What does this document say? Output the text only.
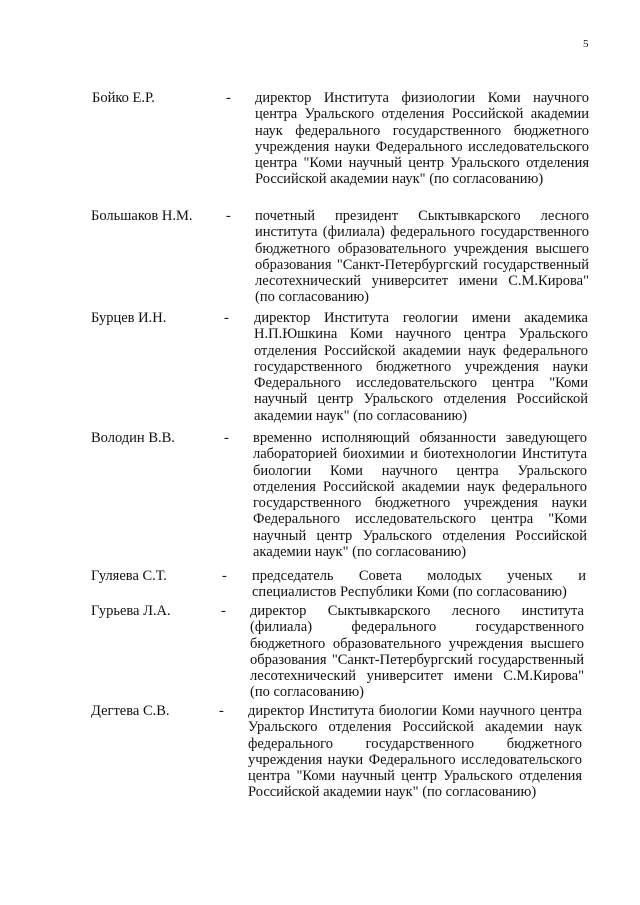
5
Бойко Е.Р.	- директор Института физиологии Коми научного центра Уральского отделения Российской академии наук федерального государственного бюджетного учреждения науки Федерального исследовательского центра "Коми научный центр Уральского отделения Российской академии наук" (по согласованию)
Большаков Н.М. - почетный президент Сыктывкарского лесного института (филиала) федерального государственного бюджетного образовательного учреждения высшего образования "Санкт-Петербургский государственный лесотехнический университет имени С.М.Кирова" (по согласованию)
Бурцев И.Н.	- директор Института геологии имени академика Н.П.Юшкина Коми научного центра Уральского отделения Российской академии наук федерального государственного бюджетного учреждения науки Федерального исследовательского центра "Коми научный центр Уральского отделения Российской академии наук" (по согласованию)
Володин В.В.	- временно исполняющий обязанности заведующего лабораторией биохимии и биотехнологии Института биологии Коми научного центра Уральского отделения Российской академии наук федерального государственного бюджетного учреждения науки Федерального исследовательского центра "Коми научный центр Уральского отделения Российской академии наук" (по согласованию)
Гуляева С.Т.	- председатель Совета молодых ученых и специалистов Республики Коми (по согласованию)
Гурьева Л.А.	- директор Сыктывкарского лесного института (филиала) федерального государственного бюджетного образовательного учреждения высшего образования "Санкт-Петербургский государственный лесотехнический университет имени С.М.Кирова" (по согласованию)
Дегтева С.В.	- директор Института биологии Коми научного центра Уральского отделения Российской академии наук федерального государственного бюджетного учреждения науки Федерального исследовательского центра "Коми научный центр Уральского отделения Российской академии наук" (по согласованию)
